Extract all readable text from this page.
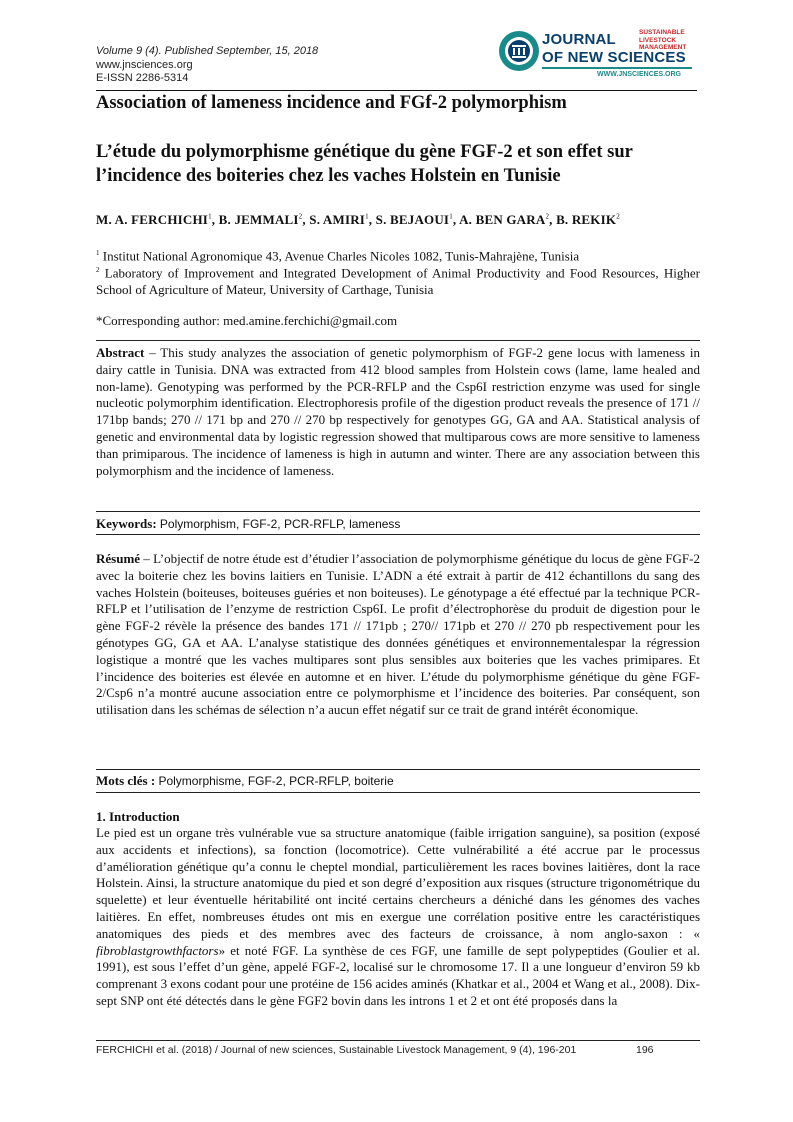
Volume 9 (4). Published September, 15, 2018
www.jnsciences.org
E-ISSN 2286-5314
JOURNAL	SUSTAINABLE LIVESTOCK MANAGEMENT
OF NEW SCIENCES
WWW.JNSCIENCES.ORG
Association of lameness incidence and FGf-2 polymorphism
L’étude du polymorphisme génétique du gène FGF-2 et son effet sur l’incidence des boiteries chez les vaches Holstein en Tunisie
M. A. FERCHICHI$^1$, B. JEMMALI$^2$, S. AMIRI$^1$, S. BEJAOUI$^1$, A. BEN GARA$^2$, B. REKIK$^2$
$^1$ Institut National Agronomique 43, Avenue Charles Nicoles 1082, Tunis-Mahrajène, Tunisia
$^2$ Laboratory of Improvement and Integrated Development of Animal Productivity and Food Resources, Higher School of Agriculture of Mateur, University of Carthage, Tunisia
*Corresponding author: med.amine.ferchichi@gmail.com
Abstract – This study analyzes the association of genetic polymorphism of FGF-2 gene locus with lameness in dairy cattle in Tunisia. DNA was extracted from 412 blood samples from Holstein cows (lame, lame healed and non-lame). Genotyping was performed by the PCR-RFLP and the Csp6I restriction enzyme was used for single nucleotic polymorphim identification. Electrophoresis profile of the digestion product reveals the presence of 171 // 171bp bands; 270 // 171 bp and 270 // 270 bp respectively for genotypes GG, GA and AA. Statistical analysis of genetic and environmental data by logistic regression showed that multiparous cows are more sensitive to lameness than primiparous. The incidence of lameness is high in autumn and winter. There are any association between this polymorphism and the incidence of lameness.
Keywords: Polymorphism, FGF-2, PCR-RFLP, lameness
Résumé – L’objectif de notre étude est d’étudier l’association de polymorphisme génétique du locus de gène FGF-2 avec la boiterie chez les bovins laitiers en Tunisie. L’ADN a été extrait à partir de 412 échantillons du sang des vaches Holstein (boiteuses, boiteuses guéries et non boiteuses). Le génotypage a été effectué par la technique PCR-RFLP et l’utilisation de l’enzyme de restriction Csp6I. Le profit d’électrophorèse du produit de digestion pour le gène FGF-2 révèle la présence des bandes 171 // 171pb ; 270// 171pb et 270 // 270 pb respectivement pour les génotypes GG, GA et AA. L’analyse statistique des données génétiques et environnementalespar la régression logistique a montré que les vaches multipares sont plus sensibles aux boiteries que les vaches primipares. Et l’incidence des boiteries est élevée en automne et en hiver. L’étude du polymorphisme génétique du gène FGF-2/Csp6 n’a montré aucune association entre ce polymorphisme et l’incidence des boiteries. Par conséquent, son utilisation dans les schémas de sélection n’a aucun effet négatif sur ce trait de grand intérêt économique.
Mots clés : Polymorphisme, FGF-2, PCR-RFLP, boiterie
1. Introduction
Le pied est un organe très vulnérable vue sa structure anatomique (faible irrigation sanguine), sa position (exposé aux accidents et infections), sa fonction (locomotrice). Cette vulnérabilité a été accrue par le processus d’amélioration génétique qu’a connu le cheptel mondial, particulièrement les races bovines laitières, dont la race Holstein. Ainsi, la structure anatomique du pied et son degré d’exposition aux risques (structure trigonométrique du squelette) et leur éventuelle héritabilité ont incité certains chercheurs a déniché dans les génomes des vaches laitières. En effet, nombreuses études ont mis en exergue une corrélation positive entre les caractéristiques anatomiques des pieds et des membres avec des facteurs de croissance, à nom anglo-saxon : « fibroblastgrowthfactors» et noté FGF. La synthèse de ces FGF, une famille de sept polypeptides (Goulier et al. 1991), est sous l’effet d’un gène, appelé FGF-2, localisé sur le chromosome 17. Il a une longueur d’environ 59 kb comprenant 3 exons codant pour une protéine de 156 acides aminés (Khatkar et al., 2004 et Wang et al., 2008). Dix-sept SNP ont été détectés dans le gène FGF2 bovin dans les introns 1 et 2 et ont été proposés dans la
FERCHICHI et al. (2018) / Journal of new sciences, Sustainable Livestock Management, 9 (4), 196-201	196
